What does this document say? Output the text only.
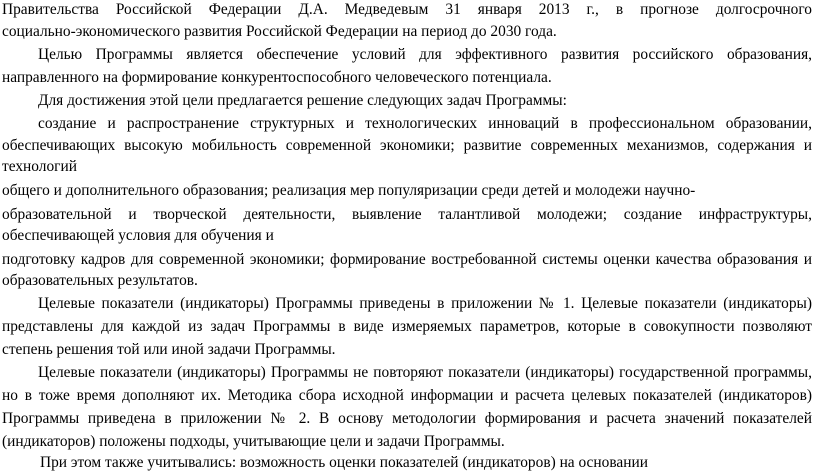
Правительства Российской Федерации Д.А. Медведевым 31 января 2013 г., в прогнозе долгосрочного
социально-экономического развития Российской Федерации на период до 2030 года.
Целью Программы является обеспечение условий для эффективного развития российского образования,
направленного на формирование конкурентоспособного человеческого потенциала.
Для достижения этой цели предлагается решение следующих задач Программы:
создание и распространение структурных и технологических инноваций в профессиональном образовании,
обеспечивающих высокую мобильность современной экономики; развитие современных механизмов, содержания и
технологий
общего и дополнительного образования; реализация мер популяризации среди детей и молодежи научно-
образовательной и творческой деятельности, выявление талантливой молодежи; создание инфраструктуры,
обеспечивающей условия для обучения и
подготовку кадров для современной экономики; формирование востребованной системы оценки качества образования и
образовательных результатов.
Целевые показатели (индикаторы) Программы приведены в приложении № 1. Целевые показатели (индикаторы)
представлены для каждой из задач Программы в виде измеряемых параметров, которые в совокупности позволяют
степень решения той или иной задачи Программы.
Целевые показатели (индикаторы) Программы не повторяют показатели (индикаторы) государственной программы,
но в тоже время дополняют их. Методика сбора исходной информации и расчета целевых показателей (индикаторов)
Программы приведена в приложении № 2. В основу методологии формирования и расчета значений показателей
(индикаторов) положены подходы, учитывающие цели и задачи Программы.
При этом также учитывались: возможность оценки показателей (индикаторов) на основании
